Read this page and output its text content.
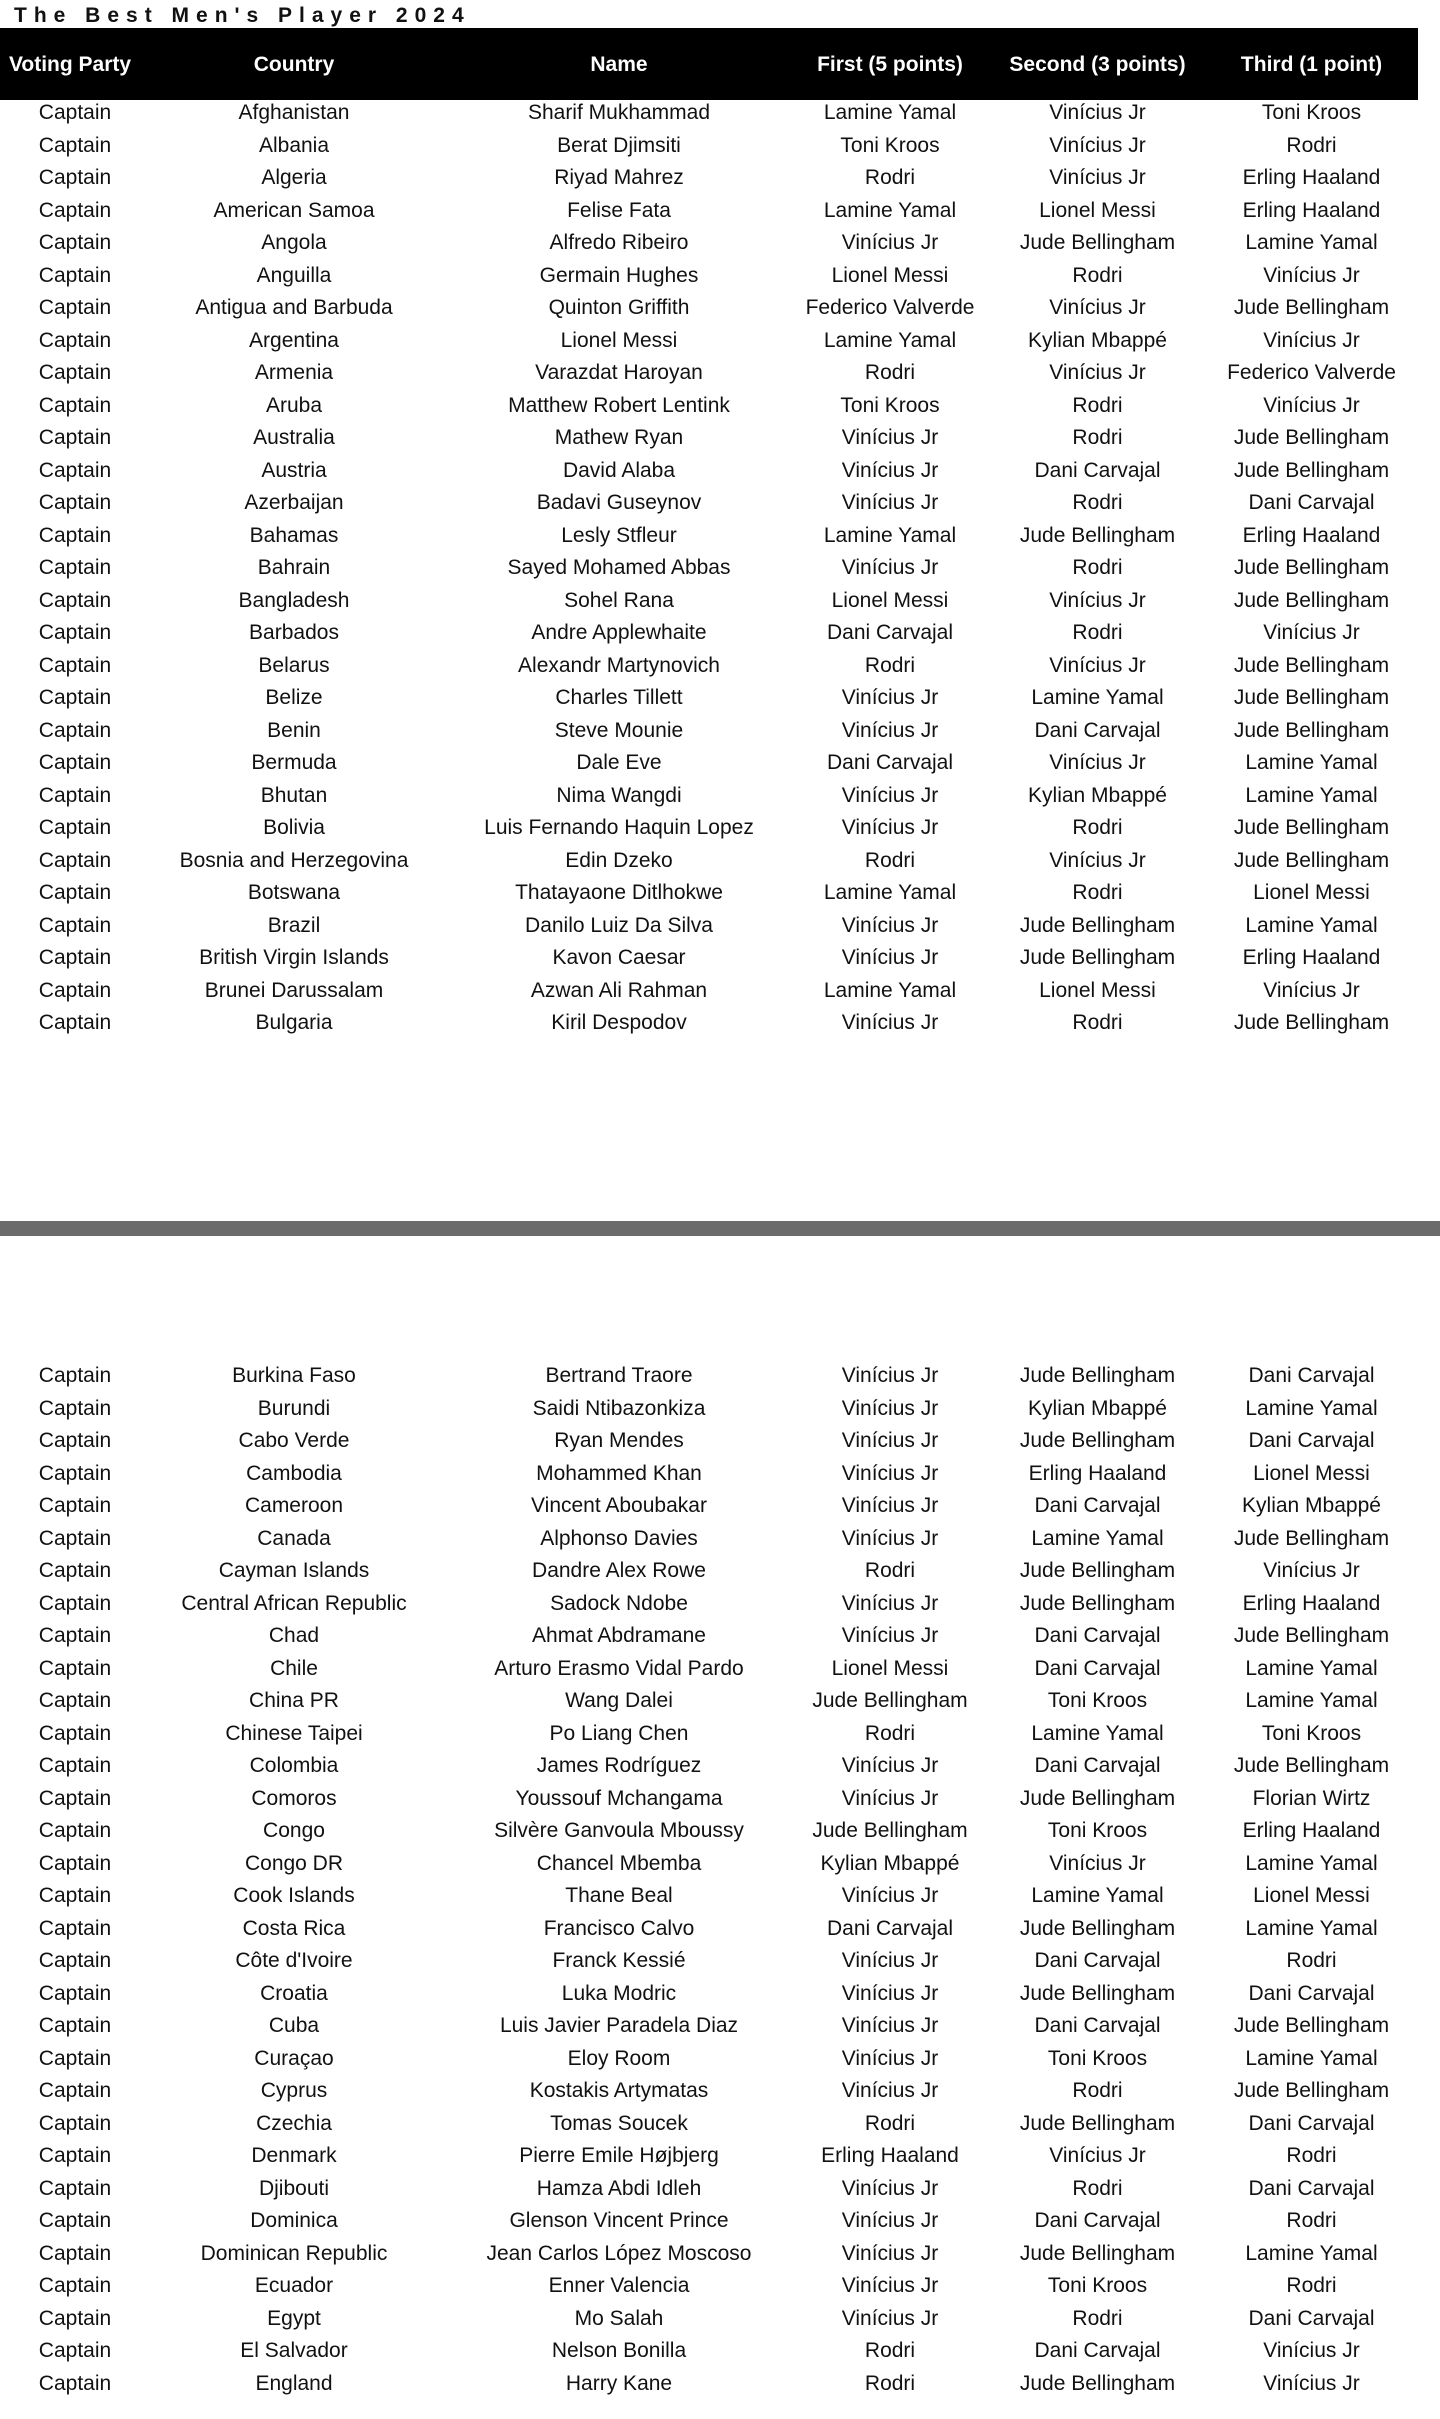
The Best Men's Player 2024
Voting Party	Country	Name	First (5 points)	Second (3 points)	Third (1 point)
Captain	Afghanistan	Sharif Mukhammad	Lamine Yamal	Vinícius Jr	Toni Kroos
Captain	Albania	Berat Djimsiti	Toni Kroos	Vinícius Jr	Rodri
Captain	Algeria	Riyad Mahrez	Rodri	Vinícius Jr	Erling Haaland
Captain	American Samoa	Felise Fata	Lamine Yamal	Lionel Messi	Erling Haaland
Captain	Angola	Alfredo Ribeiro	Vinícius Jr	Jude Bellingham	Lamine Yamal
Captain	Anguilla	Germain Hughes	Lionel Messi	Rodri	Vinícius Jr
Captain	Antigua and Barbuda	Quinton Griffith	Federico Valverde	Vinícius Jr	Jude Bellingham
Captain	Argentina	Lionel Messi	Lamine Yamal	Kylian Mbappé	Vinícius Jr
Captain	Armenia	Varazdat Haroyan	Rodri	Vinícius Jr	Federico Valverde
Captain	Aruba	Matthew Robert Lentink	Toni Kroos	Rodri	Vinícius Jr
Captain	Australia	Mathew Ryan	Vinícius Jr	Rodri	Jude Bellingham
Captain	Austria	David Alaba	Vinícius Jr	Dani Carvajal	Jude Bellingham
Captain	Azerbaijan	Badavi Guseynov	Vinícius Jr	Rodri	Dani Carvajal
Captain	Bahamas	Lesly Stfleur	Lamine Yamal	Jude Bellingham	Erling Haaland
Captain	Bahrain	Sayed Mohamed Abbas	Vinícius Jr	Rodri	Jude Bellingham
Captain	Bangladesh	Sohel Rana	Lionel Messi	Vinícius Jr	Jude Bellingham
Captain	Barbados	Andre Applewhaite	Dani Carvajal	Rodri	Vinícius Jr
Captain	Belarus	Alexandr Martynovich	Rodri	Vinícius Jr	Jude Bellingham
Captain	Belize	Charles Tillett	Vinícius Jr	Lamine Yamal	Jude Bellingham
Captain	Benin	Steve Mounie	Vinícius Jr	Dani Carvajal	Jude Bellingham
Captain	Bermuda	Dale Eve	Dani Carvajal	Vinícius Jr	Lamine Yamal
Captain	Bhutan	Nima Wangdi	Vinícius Jr	Kylian Mbappé	Lamine Yamal
Captain	Bolivia	Luis Fernando Haquin Lopez	Vinícius Jr	Rodri	Jude Bellingham
Captain	Bosnia and Herzegovina	Edin Dzeko	Rodri	Vinícius Jr	Jude Bellingham
Captain	Botswana	Thatayaone Ditlhokwe	Lamine Yamal	Rodri	Lionel Messi
Captain	Brazil	Danilo Luiz Da Silva	Vinícius Jr	Jude Bellingham	Lamine Yamal
Captain	British Virgin Islands	Kavon Caesar	Vinícius Jr	Jude Bellingham	Erling Haaland
Captain	Brunei Darussalam	Azwan Ali Rahman	Lamine Yamal	Lionel Messi	Vinícius Jr
Captain	Bulgaria	Kiril Despodov	Vinícius Jr	Rodri	Jude Bellingham
Captain	Burkina Faso	Bertrand Traore	Vinícius Jr	Jude Bellingham	Dani Carvajal
Captain	Burundi	Saidi Ntibazonkiza	Vinícius Jr	Kylian Mbappé	Lamine Yamal
Captain	Cabo Verde	Ryan Mendes	Vinícius Jr	Jude Bellingham	Dani Carvajal
Captain	Cambodia	Mohammed Khan	Vinícius Jr	Erling Haaland	Lionel Messi
Captain	Cameroon	Vincent Aboubakar	Vinícius Jr	Dani Carvajal	Kylian Mbappé
Captain	Canada	Alphonso Davies	Vinícius Jr	Lamine Yamal	Jude Bellingham
Captain	Cayman Islands	Dandre Alex Rowe	Rodri	Jude Bellingham	Vinícius Jr
Captain	Central African Republic	Sadock Ndobe	Vinícius Jr	Jude Bellingham	Erling Haaland
Captain	Chad	Ahmat Abdramane	Vinícius Jr	Dani Carvajal	Jude Bellingham
Captain	Chile	Arturo Erasmo Vidal Pardo	Lionel Messi	Dani Carvajal	Lamine Yamal
Captain	China PR	Wang Dalei	Jude Bellingham	Toni Kroos	Lamine Yamal
Captain	Chinese Taipei	Po Liang Chen	Rodri	Lamine Yamal	Toni Kroos
Captain	Colombia	James Rodríguez	Vinícius Jr	Dani Carvajal	Jude Bellingham
Captain	Comoros	Youssouf Mchangama	Vinícius Jr	Jude Bellingham	Florian Wirtz
Captain	Congo	Silvère Ganvoula Mboussy	Jude Bellingham	Toni Kroos	Erling Haaland
Captain	Congo DR	Chancel Mbemba	Kylian Mbappé	Vinícius Jr	Lamine Yamal
Captain	Cook Islands	Thane Beal	Vinícius Jr	Lamine Yamal	Lionel Messi
Captain	Costa Rica	Francisco Calvo	Dani Carvajal	Jude Bellingham	Lamine Yamal
Captain	Côte d'Ivoire	Franck Kessié	Vinícius Jr	Dani Carvajal	Rodri
Captain	Croatia	Luka Modric	Vinícius Jr	Jude Bellingham	Dani Carvajal
Captain	Cuba	Luis Javier Paradela Diaz	Vinícius Jr	Dani Carvajal	Jude Bellingham
Captain	Curaçao	Eloy Room	Vinícius Jr	Toni Kroos	Lamine Yamal
Captain	Cyprus	Kostakis Artymatas	Vinícius Jr	Rodri	Jude Bellingham
Captain	Czechia	Tomas Soucek	Rodri	Jude Bellingham	Dani Carvajal
Captain	Denmark	Pierre Emile Højbjerg	Erling Haaland	Vinícius Jr	Rodri
Captain	Djibouti	Hamza Abdi Idleh	Vinícius Jr	Rodri	Dani Carvajal
Captain	Dominica	Glenson Vincent Prince	Vinícius Jr	Dani Carvajal	Rodri
Captain	Dominican Republic	Jean Carlos López Moscoso	Vinícius Jr	Jude Bellingham	Lamine Yamal
Captain	Ecuador	Enner Valencia	Vinícius Jr	Toni Kroos	Rodri
Captain	Egypt	Mo Salah	Vinícius Jr	Rodri	Dani Carvajal
Captain	El Salvador	Nelson Bonilla	Rodri	Dani Carvajal	Vinícius Jr
Captain	England	Harry Kane	Rodri	Jude Bellingham	Vinícius Jr
